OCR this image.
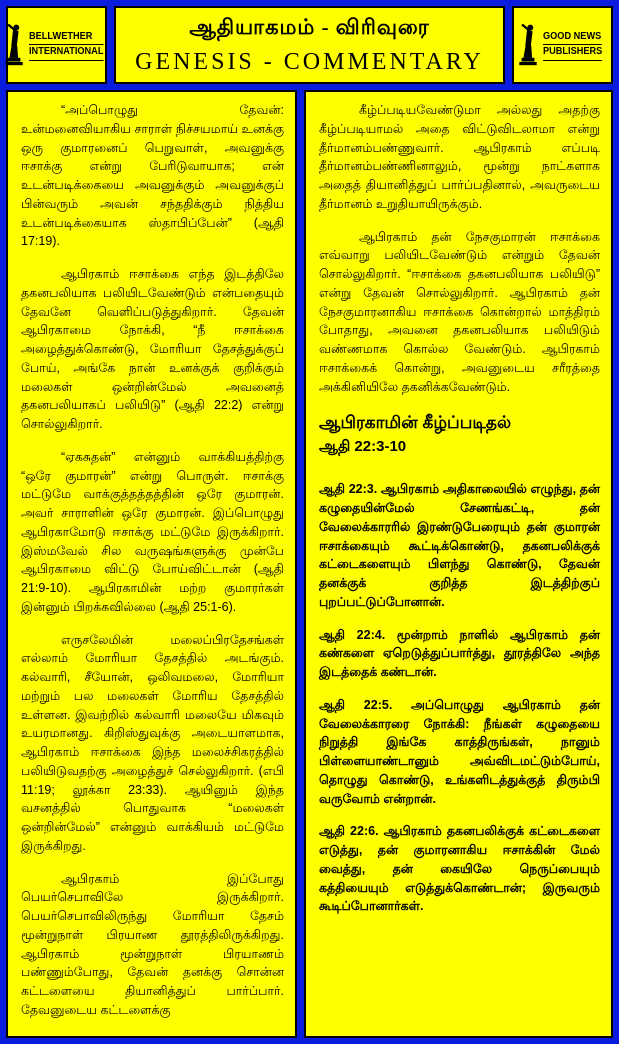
BELLWETHER
INTERNATIONAL
ஆதியாகமம் - விரிவுரை
GENESIS - COMMENTARY
GOOD NEWS
PUBLISHERS

“அப்பொழுது தேவன்: உன்மனைவியாகிய சாராள் நிச்சயமாய் உனக்கு ஒரு குமாரனைப் பெறுவாள், அவனுக்கு ஈசாக்கு என்று பேரிடுவாயாக; என் உடன்படிக்கையை அவனுக்கும் அவனுக்குப் பின்வரும் அவன் சந்ததிக்கும் நித்திய உடன்படிக்கையாக ஸ்தாபிப்பேன்” (ஆதி 17:19).

ஆபிரகாம் ஈசாக்கை எந்த இடத்திலே தகனபலியாக பலியிடவேண்டும் என்பதையும் தேவனே வெளிப்படுத்துகிறார். தேவன் ஆபிரகாமை நோக்கி, “நீ ஈசாக்கை அழைத்துக்கொண்டு, மோரியா தேசத்துக்குப் போய், அங்கே நான் உனக்குக் குறிக்கும் மலைகள் ஒன்றின்மேல் அவனைத் தகனபலியாகப் பலியிடு” (ஆதி 22:2) என்று சொல்லுகிறார்.

“ஏகசுதன்” என்னும் வாக்கியத்திற்கு “ஒரே குமாரன்” என்று பொருள். ஈசாக்கு மட்டுமே வாக்குத்தத்தத்தின் ஒரே குமாரன். அவர் சாராளின் ஒரே குமாரன். இப்பொழுது ஆபிரகாமோடு ஈசாக்கு மட்டுமே இருக்கிறார். இஸ்மவேல் சில வருஷங்களுக்கு முன்பே ஆபிரகாமை விட்டு போய்விட்டான் (ஆதி 21:9-10). ஆபிரகாமின் மற்ற குமாரர்கள் இன்னும் பிறக்கவில்லை (ஆதி 25:1-6).

எருசலேமின் மலைப்பிரதேசங்கள் எல்லாம் மோரியா தேசத்தில் அடங்கும். கல்வாரி, சீயோன், ஒலிவமலை, மோரியா மற்றும் பல மலைகள் மோரிய தேசத்தில் உள்ளன. இவற்றில் கல்வாரி மலையே மிகவும் உயரமானது. கிறிஸ்துவுக்கு அடையாளமாக, ஆபிரகாம் ஈசாக்கை இந்த மலைச்சிகரத்தில் பலியிடுவதற்கு அழைத்துச் செல்லுகிறார். (எபி 11:19; லூக்கா 23:33). ஆயினும் இந்த வசனத்தில் பொதுவாக “மலைகள் ஒன்றின்மேல்” என்னும் வாக்கியம் மட்டுமே இருக்கிறது.

ஆபிரகாம் இப்போது பெயர்செபாவிலே இருக்கிறார். பெயர்செபாவிலிருந்து மோரியா தேசம் மூன்றுநாள் பிரயாண தூரத்திலிருக்கிறது. ஆபிரகாம் மூன்றுநாள் பிரயாணம் பண்ணும்போது, தேவன் தனக்கு சொன்ன கட்டளையை தியானித்துப் பார்ப்பார். தேவனுடைய கட்டளைக்கு

கீழ்ப்படியவேண்டுமா அல்லது அதற்கு கீழ்ப்படியாமல் அதை விட்டுவிடலாமா என்று தீர்மானம்பண்ணுவார். ஆபிரகாம் எப்படி தீர்மானம்பண்ணினாலும், மூன்று நாட்களாக அதைத் தியானித்துப் பார்ப்பதினால், அவருடைய தீர்மானம் உறுதியாயிருக்கும்.

ஆபிரகாம் தன் நேசகுமாரன் ஈசாக்கை எவ்வாறு பலியிடவேண்டும் என்றும் தேவன் சொல்லுகிறார். “ஈசாக்கை தகனபலியாக பலியிடு” என்று தேவன் சொல்லுகிறார். ஆபிரகாம் தன் நேசகுமாரனாகிய ஈசாக்கை கொன்றால் மாத்திரம் போதாது, அவனை தகனபலியாக பலியிடும் வண்ணமாக கொல்ல வேண்டும். ஆபிரகாம் ஈசாக்கைக் கொன்று, அவனுடைய சரீரத்தை அக்கினியிலே தகனிக்கவேண்டும்.

ஆபிரகாமின் கீழ்ப்படிதல்

ஆதி 22:3-10

ஆதி 22:3. ஆபிரகாம் அதிகாலையில் எழுந்து, தன் கழுதையின்மேல் சேணங்கட்டி, தன் வேலைக்காரரில் இரண்டுபேரையும் தன் குமாரன் ஈசாக்கையும் கூட்டிக்கொண்டு, தகனபலிக்குக் கட்டைகளையும் பிளந்து கொண்டு, தேவன் தனக்குக் குறித்த இடத்திற்குப் புறப்பட்டுப்போனான்.

ஆதி 22:4. மூன்றாம் நாளில் ஆபிரகாம் தன் கண்களை ஏறெடுத்துப்பார்த்து, தூரத்திலே அந்த இடத்தைக் கண்டான்.

ஆதி 22:5. அப்பொழுது ஆபிரகாம் தன் வேலைக்காரரை நோக்கி: நீங்கள் கழுதையை நிறுத்தி இங்கே காத்திருங்கள், நானும் பிள்ளையாண்டானும் அவ்விடமட்டும்போய், தொழுது கொண்டு, உங்களிடத்துக்குத் திரும்பி வருவோம் என்றான்.

ஆதி 22:6. ஆபிரகாம் தகனபலிக்குக் கட்டைகளை எடுத்து, தன் குமாரனாகிய ஈசாக்கின் மேல் வைத்து, தன் கையிலே நெருப்பையும் கத்தியையும் எடுத்துக்கொண்டான்; இருவரும் கூடிப்போனார்கள்.
